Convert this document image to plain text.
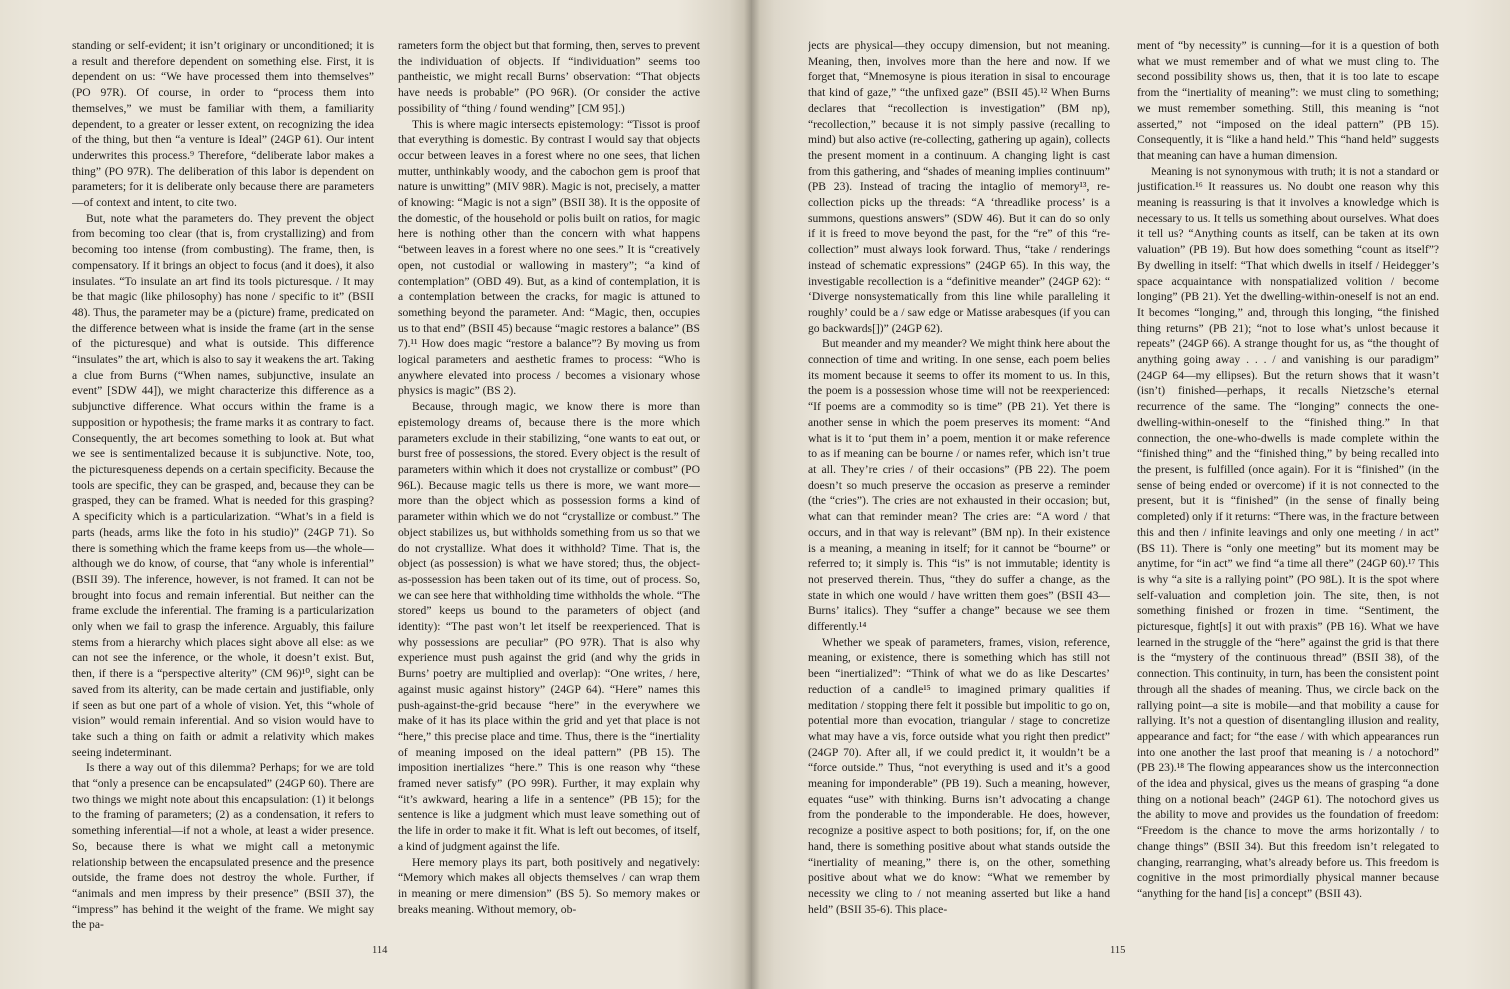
standing or self-evident; it isn’t originary or unconditioned; it is a result and therefore dependent on something else. First, it is dependent on us: “We have processed them into themselves” (PO 97R). Of course, in order to “process them into themselves,” we must be familiar with them, a familiarity dependent, to a greater or lesser extent, on recognizing the idea of the thing, but then “a venture is Ideal” (24GP 61). Our intent underwrites this process.⁹ Therefore, “deliberate labor makes a thing” (PO 97R). The deliberation of this labor is dependent on parameters; for it is deliberate only because there are parameters—of context and intent, to cite two.

But, note what the parameters do. They prevent the object from becoming too clear (that is, from crystallizing) and from becoming too intense (from combusting). The frame, then, is compensatory. If it brings an object to focus (and it does), it also insulates. “To insulate an art find its tools picturesque. / It may be that magic (like philosophy) has none / specific to it” (BSII 48). Thus, the parameter may be a (picture) frame, predicated on the difference between what is inside the frame (art in the sense of the picturesque) and what is outside. This difference “insulates” the art, which is also to say it weakens the art. Taking a clue from Burns (“When names, subjunctive, insulate an event” [SDW 44]), we might characterize this difference as a subjunctive difference. What occurs within the frame is a supposition or hypothesis; the frame marks it as contrary to fact. Consequently, the art becomes something to look at. But what we see is sentimentalized because it is subjunctive. Note, too, the picturesqueness depends on a certain specificity. Because the tools are specific, they can be grasped, and, because they can be grasped, they can be framed. What is needed for this grasping? A specificity which is a particularization. “What’s in a field is parts (heads, arms like the foto in his studio)” (24GP 71). So there is something which the frame keeps from us—the whole—although we do know, of course, that “any whole is inferential” (BSII 39). The inference, however, is not framed. It can not be brought into focus and remain inferential. But neither can the frame exclude the inferential. The framing is a particularization only when we fail to grasp the inference. Arguably, this failure stems from a hierarchy which places sight above all else: as we can not see the inference, or the whole, it doesn’t exist. But, then, if there is a “perspective alterity” (CM 96)¹⁰, sight can be saved from its alterity, can be made certain and justifiable, only if seen as but one part of a whole of vision. Yet, this “whole of vision” would remain inferential. And so vision would have to take such a thing on faith or admit a relativity which makes seeing indeterminant.

Is there a way out of this dilemma? Perhaps; for we are told that “only a presence can be encapsulated” (24GP 60). There are two things we might note about this encapsulation: (1) it belongs to the framing of parameters; (2) as a condensation, it refers to something inferential—if not a whole, at least a wider presence. So, because there is what we might call a metonymic relationship between the encapsulated presence and the presence outside, the frame does not destroy the whole. Further, if “animals and men impress by their presence” (BSII 37), the “impress” has behind it the weight of the frame. We might say the pa-

rameters form the object but that forming, then, serves to prevent the individuation of objects. If “individuation” seems too pantheistic, we might recall Burns’ observation: “That objects have needs is probable” (PO 96R). (Or consider the active possibility of “thing / found wending” [CM 95].)

This is where magic intersects epistemology: “Tissot is proof that everything is domestic. By contrast I would say that objects occur between leaves in a forest where no one sees, that lichen mutter, unthinkably woody, and the cabochon gem is proof that nature is unwitting” (MIV 98R). Magic is not, precisely, a matter of knowing: “Magic is not a sign” (BSII 38). It is the opposite of the domestic, of the household or polis built on ratios, for magic here is nothing other than the concern with what happens “between leaves in a forest where no one sees.” It is “creatively open, not custodial or wallowing in mastery”; “a kind of contemplation” (OBD 49). But, as a kind of contemplation, it is a contemplation between the cracks, for magic is attuned to something beyond the parameter. And: “Magic, then, occupies us to that end” (BSII 45) because “magic restores a balance” (BS 7).¹¹ How does magic “restore a balance”? By moving us from logical parameters and aesthetic frames to process: “Who is anywhere elevated into process / becomes a visionary whose physics is magic” (BS 2).

Because, through magic, we know there is more than epistemology dreams of, because there is the more which parameters exclude in their stabilizing, “one wants to eat out, or burst free of possessions, the stored. Every object is the result of parameters within which it does not crystallize or combust” (PO 96L). Because magic tells us there is more, we want more—more than the object which as possession forms a kind of parameter within which we do not “crystallize or combust.” The object stabilizes us, but withholds something from us so that we do not crystallize. What does it withhold? Time. That is, the object (as possession) is what we have stored; thus, the object-as-possession has been taken out of its time, out of process. So, we can see here that withholding time withholds the whole. “The stored” keeps us bound to the parameters of object (and identity): “The past won’t let itself be reexperienced. That is why possessions are peculiar” (PO 97R). That is also why experience must push against the grid (and why the grids in Burns’ poetry are multiplied and overlap): “One writes, / here, against music against history” (24GP 64). “Here” names this push-against-the-grid because “here” in the everywhere we make of it has its place within the grid and yet that place is not “here,” this precise place and time. Thus, there is the “inertiality of meaning imposed on the ideal pattern” (PB 15). The imposition inertializes “here.” This is one reason why “these framed never satisfy” (PO 99R). Further, it may explain why “it’s awkward, hearing a life in a sentence” (PB 15); for the sentence is like a judgment which must leave something out of the life in order to make it fit. What is left out becomes, of itself, a kind of judgment against the life.

Here memory plays its part, both positively and negatively: “Memory which makes all objects themselves / can wrap them in meaning or mere dimension” (BS 5). So memory makes or breaks meaning. Without memory, ob-

jects are physical—they occupy dimension, but not meaning. Meaning, then, involves more than the here and now. If we forget that, “Mnemosyne is pious iteration in sisal to encourage that kind of gaze,” “the unfixed gaze” (BSII 45).¹² When Burns declares that “recollection is investigation” (BM np), “recollection,” because it is not simply passive (recalling to mind) but also active (re-collecting, gathering up again), collects the present moment in a continuum. A changing light is cast from this gathering, and “shades of meaning implies continuum” (PB 23). Instead of tracing the intaglio of memory¹³, re-collection picks up the threads: “A ‘threadlike process’ is a summons, questions answers” (SDW 46). But it can do so only if it is freed to move beyond the past, for the “re” of this “re-collection” must always look forward. Thus, “take / renderings instead of schematic expressions” (24GP 65). In this way, the investigable recollection is a “definitive meander” (24GP 62): “ ‘Diverge nonsystematically from this line while paralleling it roughly’ could be a / saw edge or Matisse arabesques (if you can go backwards[])” (24GP 62).

But meander and my meander? We might think here about the connection of time and writing. In one sense, each poem belies its moment because it seems to offer its moment to us. In this, the poem is a possession whose time will not be reexperienced: “If poems are a commodity so is time” (PB 21). Yet there is another sense in which the poem preserves its moment: “And what is it to ‘put them in’ a poem, mention it or make reference to as if meaning can be bourne / or names refer, which isn’t true at all. They’re cries / of their occasions” (PB 22). The poem doesn’t so much preserve the occasion as preserve a reminder (the “cries”). The cries are not exhausted in their occasion; but, what can that reminder mean? The cries are: “A word / that occurs, and in that way is relevant” (BM np). In their existence is a meaning, a meaning in itself; for it cannot be “bourne” or referred to; it simply is. This “is” is not immutable; identity is not preserved therein. Thus, “they do suffer a change, as the state in which one would / have written them goes” (BSII 43—Burns’ italics). They “suffer a change” because we see them differently.¹⁴

Whether we speak of parameters, frames, vision, reference, meaning, or existence, there is something which has still not been “inertialized”: “Think of what we do as like Descartes’ reduction of a candle¹⁵ to imagined primary qualities if meditation / stopping there felt it possible but impolitic to go on, potential more than evocation, triangular / stage to concretize what may have a vis, force outside what you right then predict” (24GP 70). After all, if we could predict it, it wouldn’t be a “force outside.” Thus, “not everything is used and it’s a good meaning for imponderable” (PB 19). Such a meaning, however, equates “use” with thinking. Burns isn’t advocating a change from the ponderable to the imponderable. He does, however, recognize a positive aspect to both positions; for, if, on the one hand, there is something positive about what stands outside the “inertiality of meaning,” there is, on the other, something positive about what we do know: “What we remember by necessity we cling to / not meaning asserted but like a hand held” (BSII 35-6). This place-

ment of “by necessity” is cunning—for it is a question of both what we must remember and of what we must cling to. The second possibility shows us, then, that it is too late to escape from the “inertiality of meaning”: we must cling to something; we must remember something. Still, this meaning is “not asserted,” not “imposed on the ideal pattern” (PB 15). Consequently, it is “like a hand held.” This “hand held” suggests that meaning can have a human dimension.

Meaning is not synonymous with truth; it is not a standard or justification.¹⁶ It reassures us. No doubt one reason why this meaning is reassuring is that it involves a knowledge which is necessary to us. It tells us something about ourselves. What does it tell us? “Anything counts as itself, can be taken at its own valuation” (PB 19). But how does something “count as itself”? By dwelling in itself: “That which dwells in itself / Heidegger’s space acquaintance with nonspatialized volition / become longing” (PB 21). Yet the dwelling-within-oneself is not an end. It becomes “longing,” and, through this longing, “the finished thing returns” (PB 21); “not to lose what’s unlost because it repeats” (24GP 66). A strange thought for us, as “the thought of anything going away . . . / and vanishing is our paradigm” (24GP 64—my ellipses). But the return shows that it wasn’t (isn’t) finished—perhaps, it recalls Nietzsche’s eternal recurrence of the same. The “longing” connects the one-dwelling-within-oneself to the “finished thing.” In that connection, the one-who-dwells is made complete within the “finished thing” and the “finished thing,” by being recalled into the present, is fulfilled (once again). For it is “finished” (in the sense of being ended or overcome) if it is not connected to the present, but it is “finished” (in the sense of finally being completed) only if it returns: “There was, in the fracture between this and then / infinite leavings and only one meeting / in act” (BS 11). There is “only one meeting” but its moment may be anytime, for “in act” we find “a time all there” (24GP 60).¹⁷ This is why “a site is a rallying point” (PO 98L). It is the spot where self-valuation and completion join. The site, then, is not something finished or frozen in time. “Sentiment, the picturesque, fight[s] it out with praxis” (PB 16). What we have learned in the struggle of the “here” against the grid is that there is the “mystery of the continuous thread” (BSII 38), of the connection. This continuity, in turn, has been the consistent point through all the shades of meaning. Thus, we circle back on the rallying point—a site is mobile—and that mobility a cause for rallying. It’s not a question of disentangling illusion and reality, appearance and fact; for “the ease / with which appearances run into one another the last proof that meaning is / a notochord” (PB 23).¹⁸ The flowing appearances show us the interconnection of the idea and physical, gives us the means of grasping “a done thing on a notional beach” (24GP 61). The notochord gives us the ability to move and provides us the foundation of freedom: “Freedom is the chance to move the arms horizontally / to change things” (BSII 34). But this freedom isn’t relegated to changing, rearranging, what’s already before us. This freedom is cognitive in the most primordially physical manner because “anything for the hand [is] a concept” (BSII 43).

114	115
